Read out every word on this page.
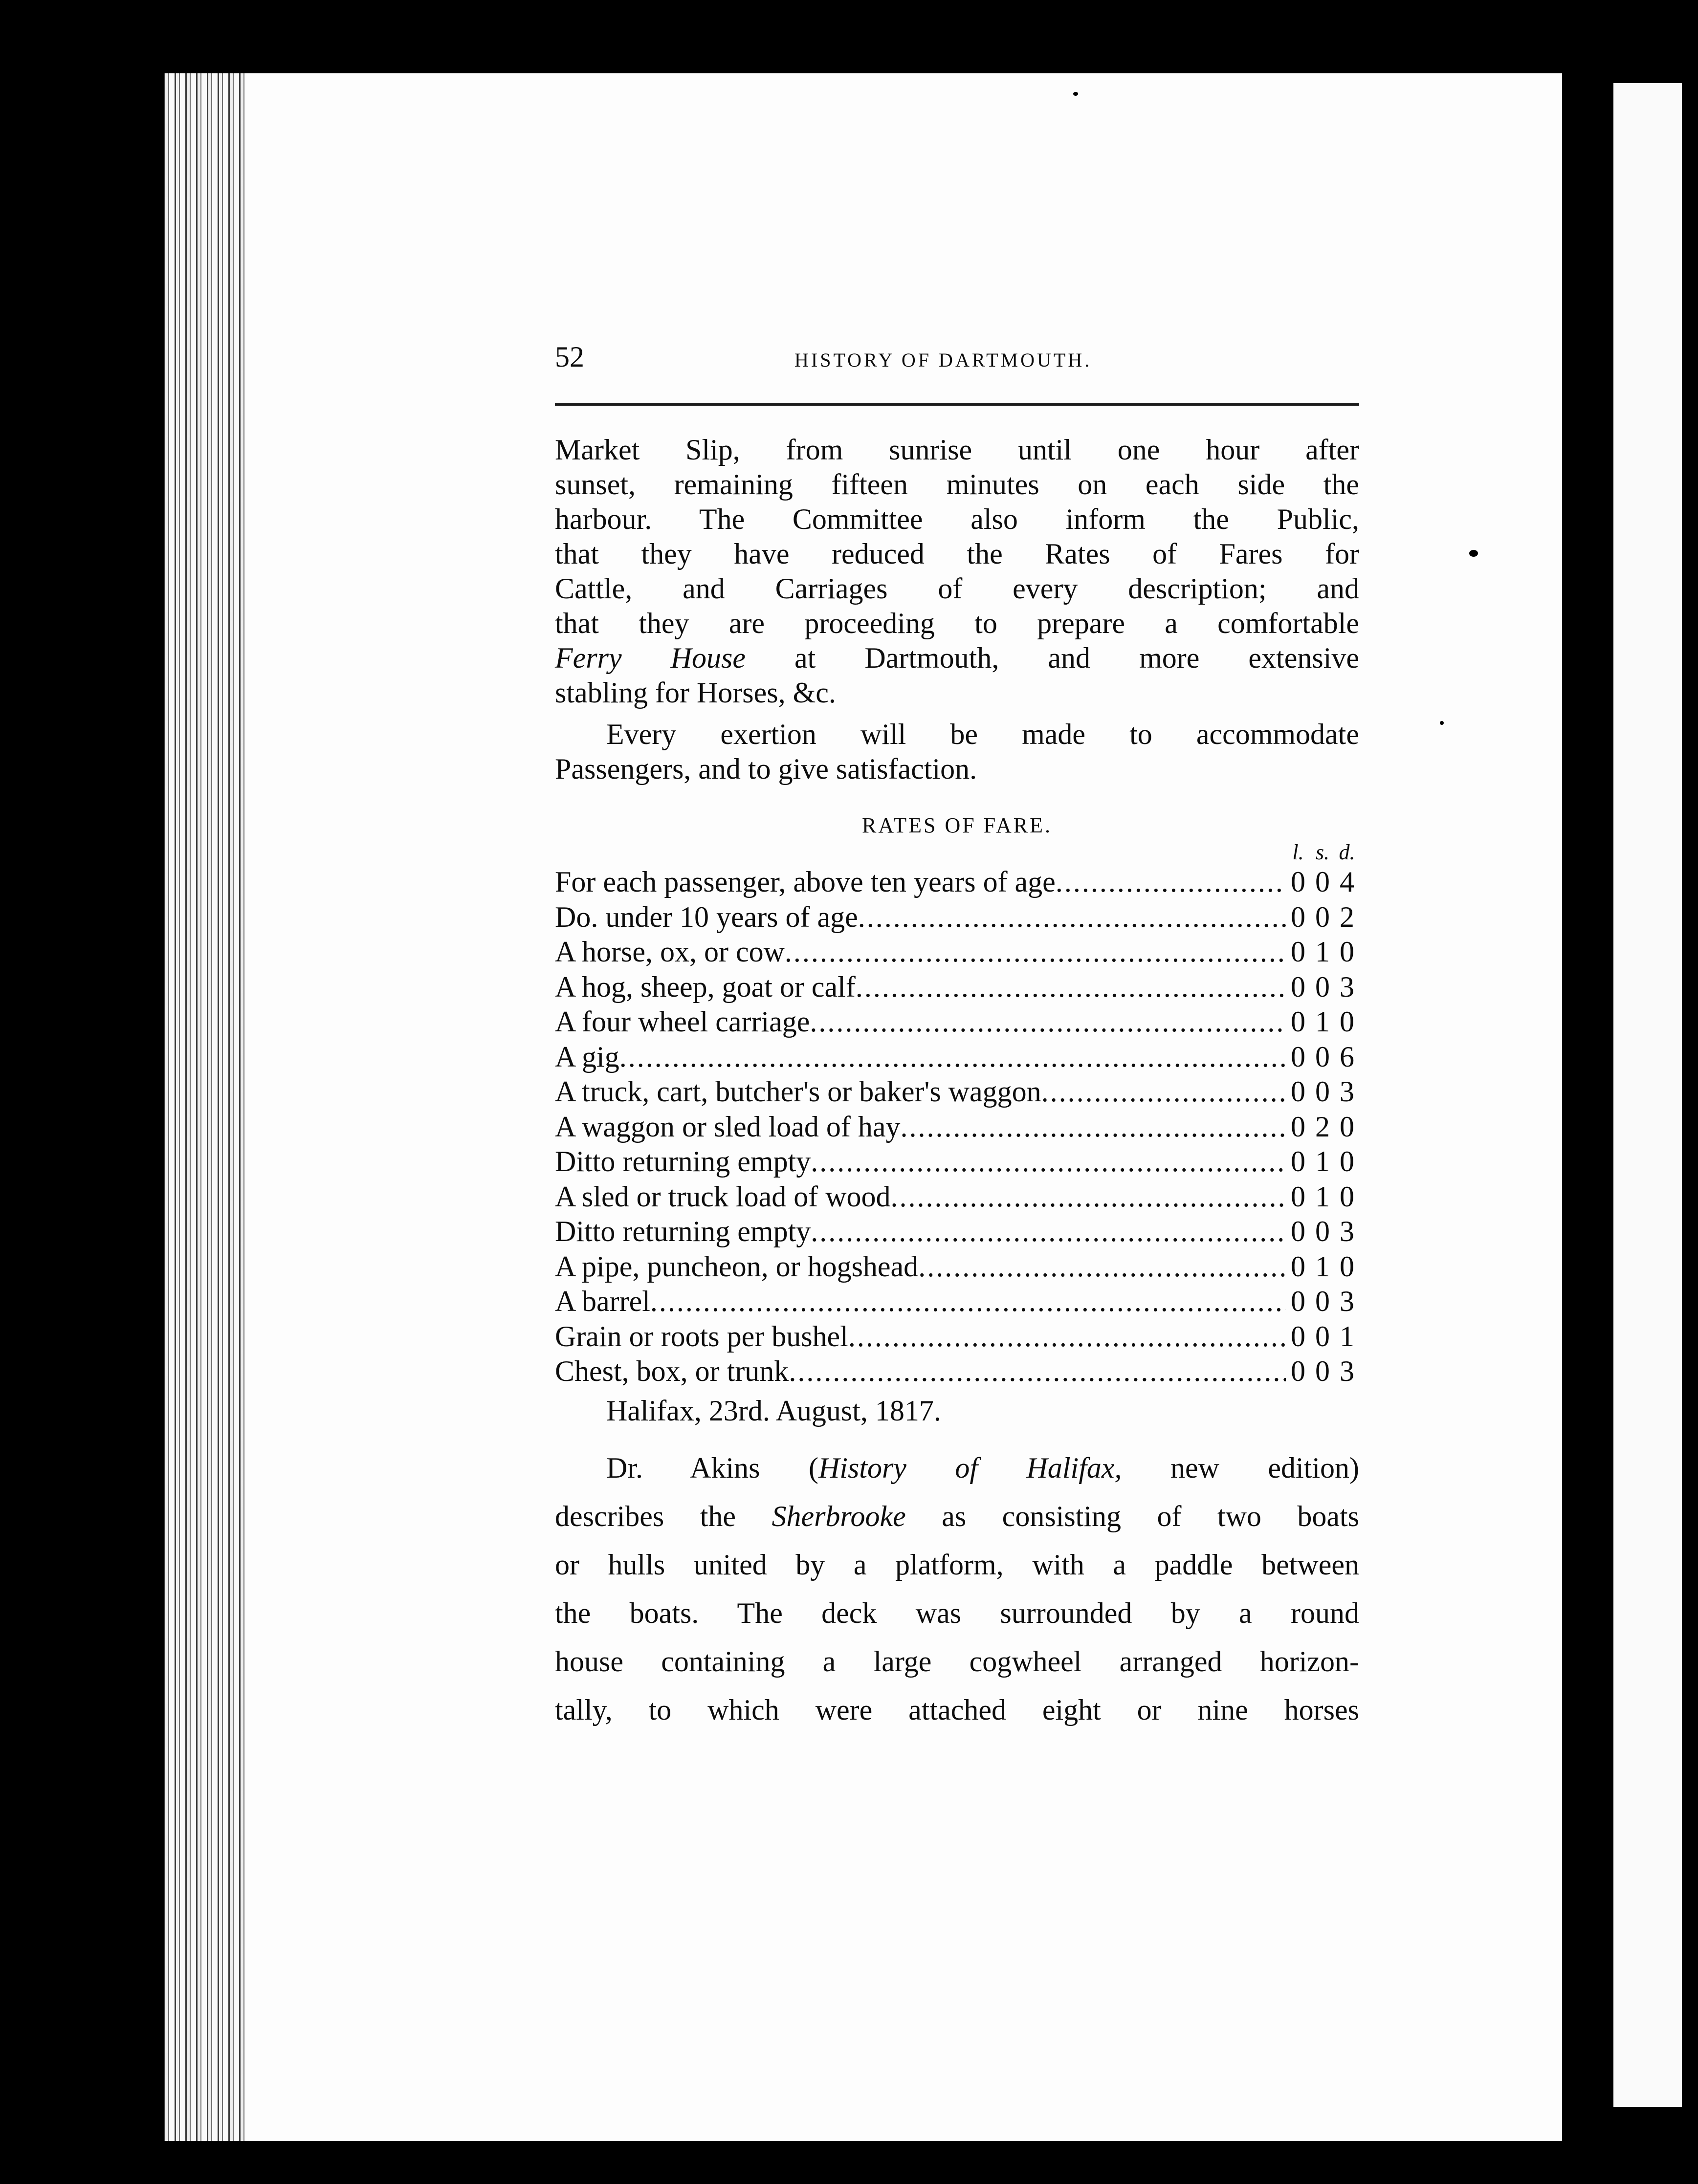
52	HISTORY OF DARTMOUTH.
Market Slip, from sunrise until one hour after
sunset, remaining fifteen minutes on each side the
harbour. The Committee also inform the Public,
that they have reduced the Rates of Fares for
Cattle, and Carriages of every description; and
that they are proceeding to prepare a comfortable
Ferry House at Dartmouth, and more extensive
stabling for Horses, &c.
Every exertion will be made to accommodate
Passengers, and to give satisfaction.
RATES OF FARE.
l. s. d.
For each passenger, above ten years of age . . .	0 0 4
Do. under 10 years of age . . .	0 0 2
A horse, ox, or cow . . .	0 1 0
A hog, sheep, goat or calf . . .	0 0 3
A four wheel carriage . . .	0 1 0
A gig . . .	0 0 6
A truck, cart, butcher's or baker's waggon . . .	0 0 3
A waggon or sled load of hay . . .	0 2 0
Ditto returning empty . . .	0 1 0
A sled or truck load of wood . . .	0 1 0
Ditto returning empty . . .	0 0 3
A pipe, puncheon, or hogshead . . .	0 1 0
A barrel . . .	0 0 3
Grain or roots per bushel . . .	0 0 1
Chest, box, or trunk . . .	0 0 3
Halifax, 23rd. August, 1817.
Dr. Akins (History of Halifax, new edition)
describes the Sherbrooke as consisting of two boats
or hulls united by a platform, with a paddle between
the boats. The deck was surrounded by a round
house containing a large cogwheel arranged horizon-
tally, to which were attached eight or nine horses
